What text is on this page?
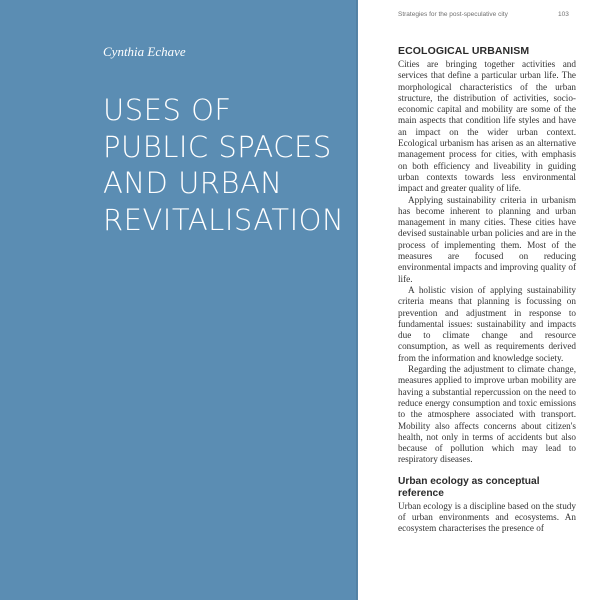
Cynthia Echave
USES OF
PUBLIC SPACES
AND URBAN
REVITALISATION
Strategies for the post-speculative city	103
ECOLOGICAL URBANISM

Cities are bringing together activities and services that define a particular urban life. The morphological characteristics of the urban structure, the distribution of activities, socio-economic capital and mobility are some of the main aspects that condition life styles and have an impact on the wider urban context. Ecological urbanism has arisen as an alternative management process for cities, with emphasis on both efficiency and liveability in guiding urban contexts towards less environmental impact and greater quality of life.

Applying sustainability criteria in urbanism has become inherent to planning and urban management in many cities. These cities have devised sustainable urban policies and are in the process of implementing them. Most of the measures are focused on reducing environmental impacts and improving quality of life.

A holistic vision of applying sustainability criteria means that planning is focussing on prevention and adjustment in response to fundamental issues: sustainability and impacts due to climate change and resource consumption, as well as requirements derived from the information and knowledge society.

Regarding the adjustment to climate change, measures applied to improve urban mobility are having a substantial repercussion on the need to reduce energy consumption and toxic emissions to the atmosphere associated with transport. Mobility also affects concerns about citizen's health, not only in terms of accidents but also because of pollution which may lead to respiratory diseases.

Urban ecology as conceptual reference

Urban ecology is a discipline based on the study of urban environments and ecosystems. An ecosystem characterises the presence of
